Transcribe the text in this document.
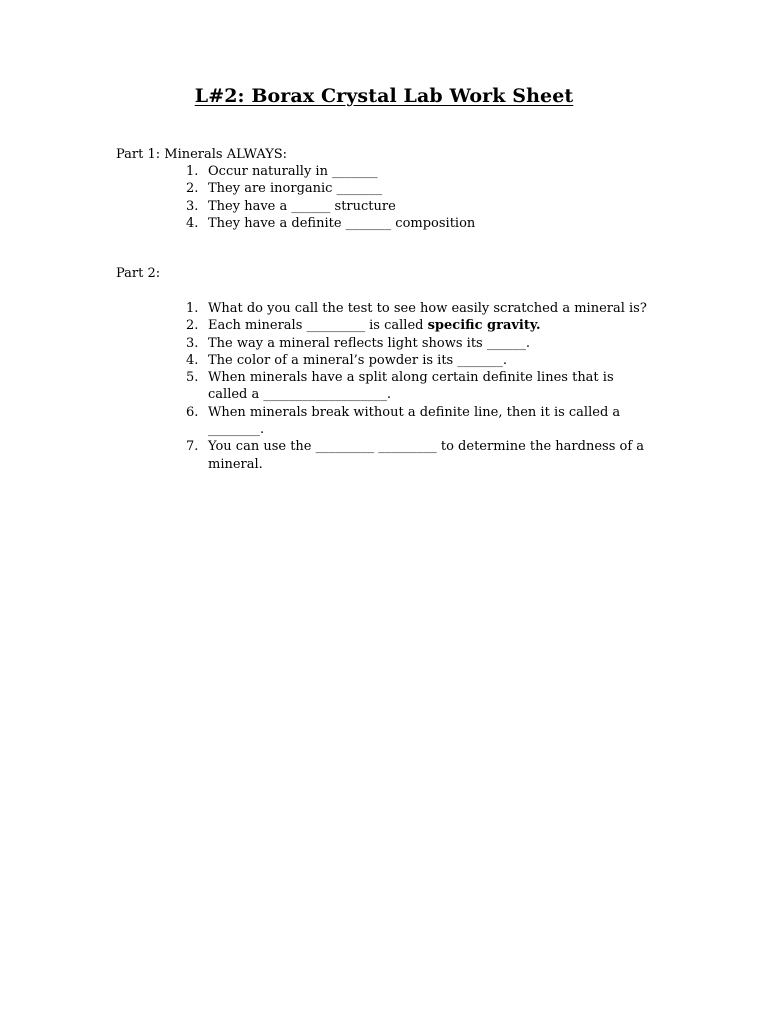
L#2: Borax Crystal Lab Work Sheet
Part 1: Minerals ALWAYS:
1. Occur naturally in _______
2. They are inorganic _______
3. They have a ______ structure
4. They have a definite _______ composition
Part 2:
1. What do you call the test to see how easily scratched a mineral is?
2. Each minerals _________ is called specific gravity.
3. The way a mineral reflects light shows its ______.
4. The color of a mineral’s powder is its _______.
5. When minerals have a split along certain definite lines that is
called a ___________________.
6. When minerals break without a definite line, then it is called a
________.
7. You can use the _________ _________ to determine the hardness of a
mineral.
